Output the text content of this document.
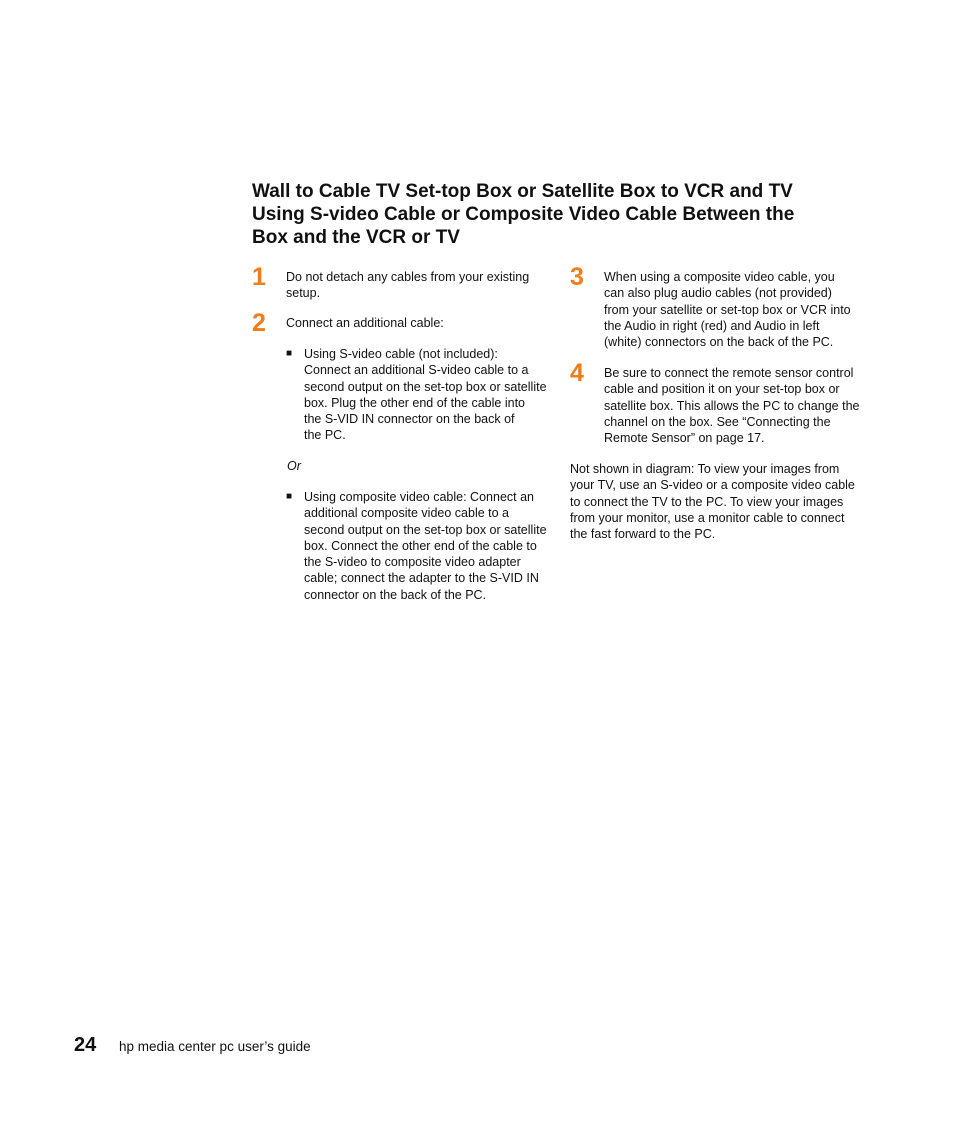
Wall to Cable TV Set-top Box or Satellite Box to VCR and TV
Using S-video Cable or Composite Video Cable Between the
Box and the VCR or TV
1 Do not detach any cables from your existing
setup.
2 Connect an additional cable:
■ Using S-video cable (not included):
Connect an additional S-video cable to a
second output on the set-top box or satellite
box. Plug the other end of the cable into
the S-VID IN connector on the back of
the PC.
Or
■ Using composite video cable: Connect an
additional composite video cable to a
second output on the set-top box or satellite
box. Connect the other end of the cable to
the S-video to composite video adapter
cable; connect the adapter to the S-VID IN
connector on the back of the PC.
3 When using a composite video cable, you
can also plug audio cables (not provided)
from your satellite or set-top box or VCR into
the Audio in right (red) and Audio in left
(white) connectors on the back of the PC.
4 Be sure to connect the remote sensor control
cable and position it on your set-top box or
satellite box. This allows the PC to change the
channel on the box. See “Connecting the
Remote Sensor” on page 17.
Not shown in diagram: To view your images from
your TV, use an S-video or a composite video cable
to connect the TV to the PC. To view your images
from your monitor, use a monitor cable to connect
the fast forward to the PC.
24 hp media center pc user’s guide
